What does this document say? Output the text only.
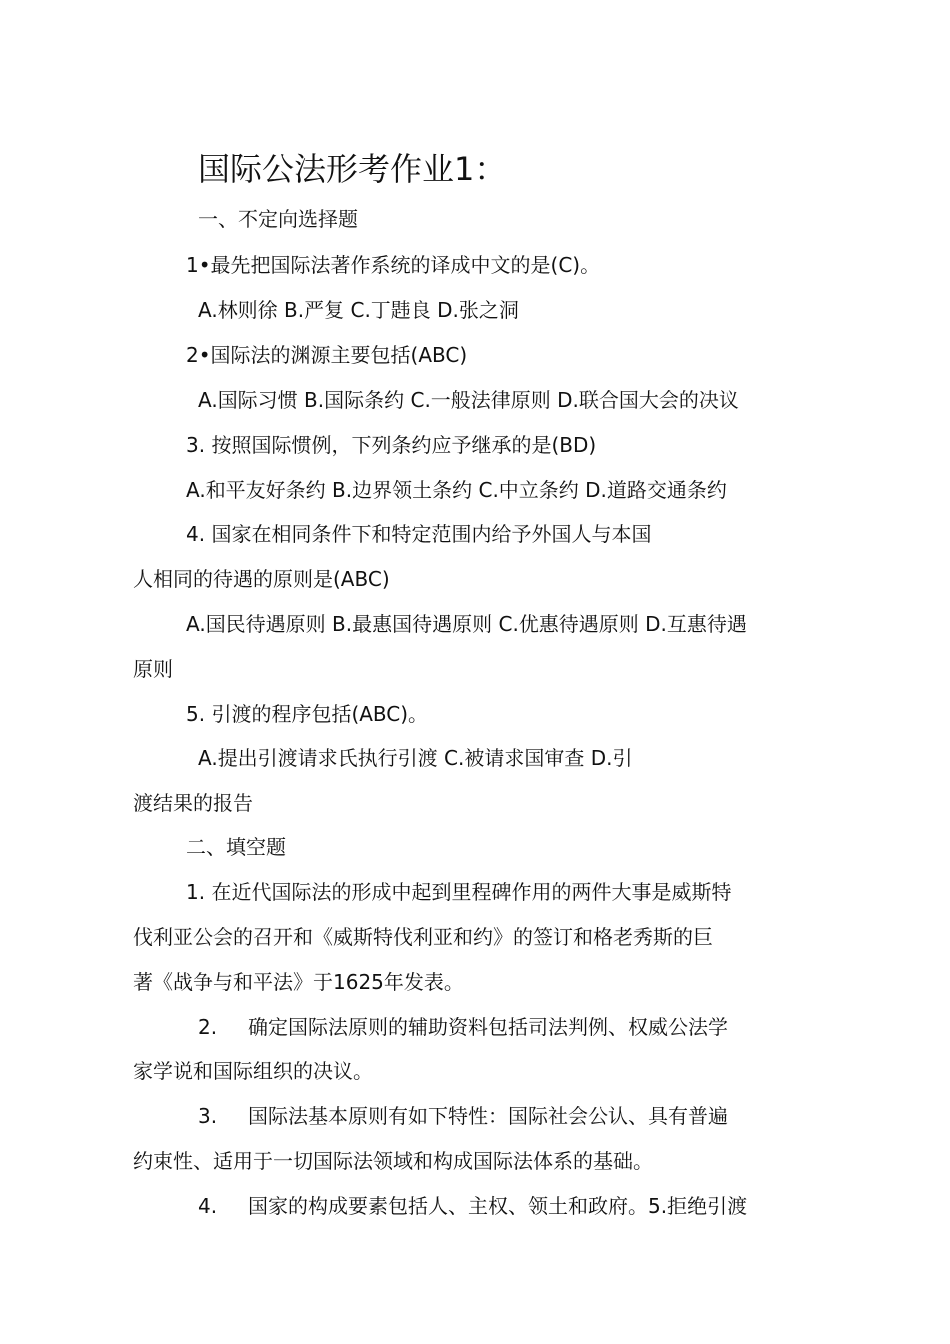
国际公法形考作业1：
一、不定向选择题
1•最先把国际法著作系统的译成中文的是(C)。
A.林则徐 B.严复 C.丁韪良 D.张之洞
2•国际法的渊源主要包括(ABC)
A.国际习惯 B.国际条约 C.一般法律原则 D.联合国大会的决议
3. 按照国际惯例，下列条约应予继承的是(BD)
A.和平友好条约 B.边界领土条约 C.中立条约 D.道路交通条约
4. 国家在相同条件下和特定范围内给予外国人与本国
人相同的待遇的原则是(ABC)
A.国民待遇原则 B.最惠国待遇原则 C.优惠待遇原则 D.互惠待遇
原则
5. 引渡的程序包括(ABC)。
A.提出引渡请求氏执行引渡 C.被请求国审查 D.引
渡结果的报告
二、填空题
1. 在近代国际法的形成中起到里程碑作用的两件大事是威斯特
伐利亚公会的召开和《威斯特伐利亚和约》的签订和格老秀斯的巨
著《战争与和平法》于1625年发表。
2. 确定国际法原则的辅助资料包括司法判例、权威公法学
家学说和国际组织的决议。
3. 国际法基本原则有如下特性：国际社会公认、具有普遍
约束性、适用于一切国际法领域和构成国际法体系的基础。
4. 国家的构成要素包括人、主权、领土和政府。5.拒绝引渡
